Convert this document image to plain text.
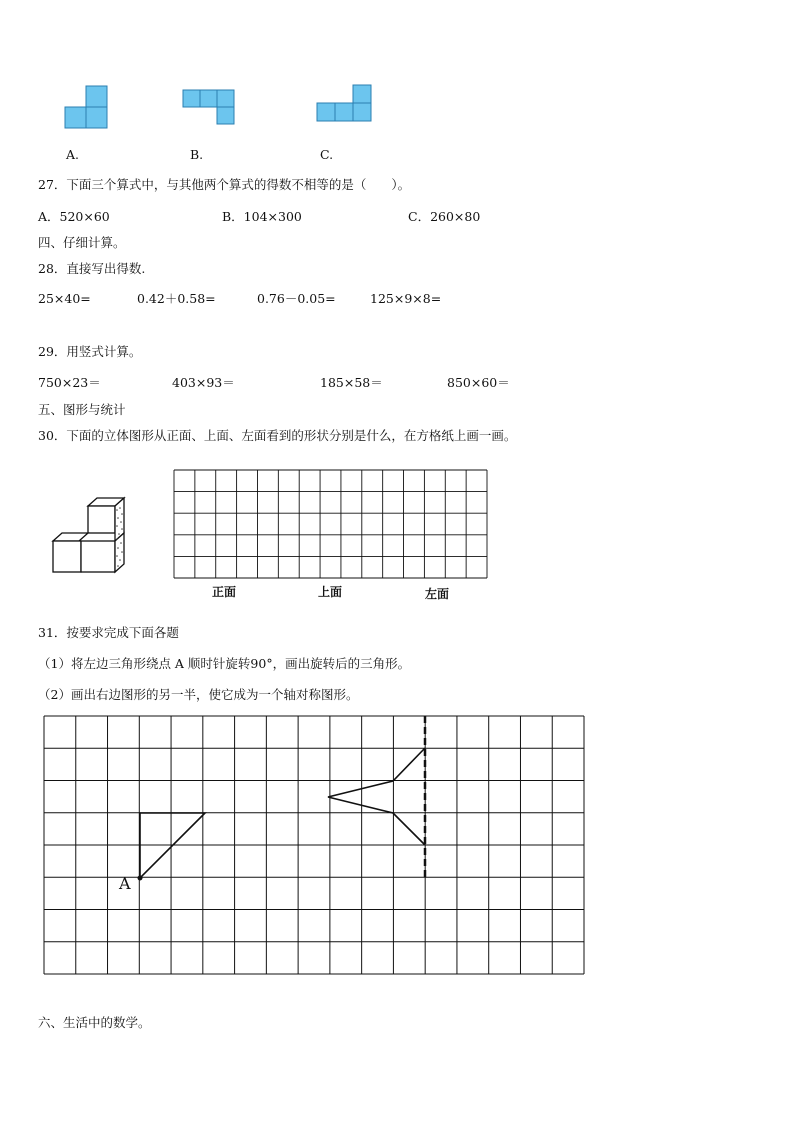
A.	B.	C.
27．下面三个算式中，与其他两个算式的得数不相等的是（　　）。
A．520×60	B．104×300	C．260×80
四、仔细计算。
28．直接写出得数.
25×40=	0.42＋0.58=	0.76－0.05=	125×9×8=
29．用竖式计算。
750×23＝	403×93＝	185×58＝	850×60＝
五、图形与统计
30．下面的立体图形从正面、上面、左面看到的形状分别是什么，在方格纸上画一画。
正面	上面	左面
31．按要求完成下面各题
（1）将左边三角形绕点 A 顺时针旋转90°，画出旋转后的三角形。
（2）画出右边图形的另一半，使它成为一个轴对称图形。
A
六、生活中的数学。
